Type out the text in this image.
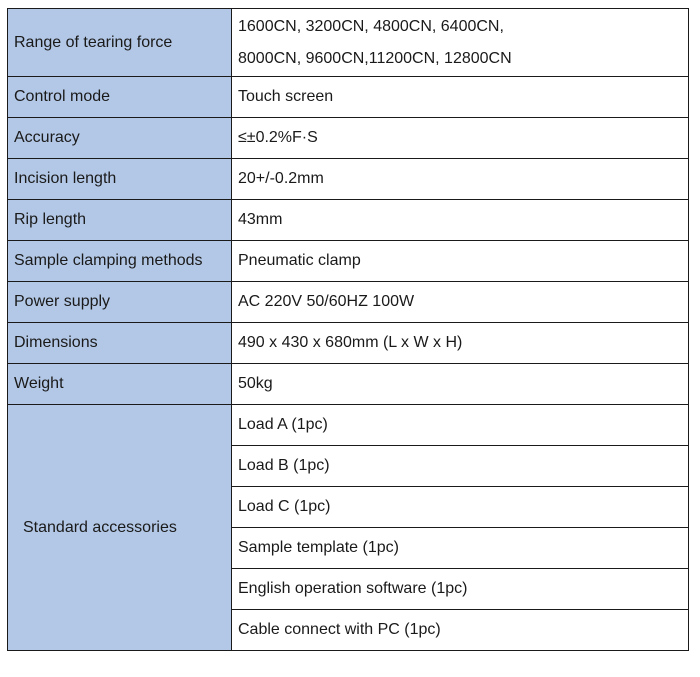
Range of tearing force	1600CN, 3200CN, 4800CN, 6400CN,
8000CN, 9600CN,11200CN, 12800CN

Control mode	Touch screen
Accuracy	≤±0.2%F·S
Incision length	20+/-0.2mm
Rip length	43mm
Sample clamping methods	Pneumatic clamp
Power supply	AC 220V 50/60HZ 100W
Dimensions	490 x 430 x 680mm (L x W x H)
Weight	50kg
Standard accessories	Load A (1pc)
	Load B (1pc)
	Load C (1pc)
	Sample template (1pc)
	English operation software (1pc)
	Cable connect with PC (1pc)
